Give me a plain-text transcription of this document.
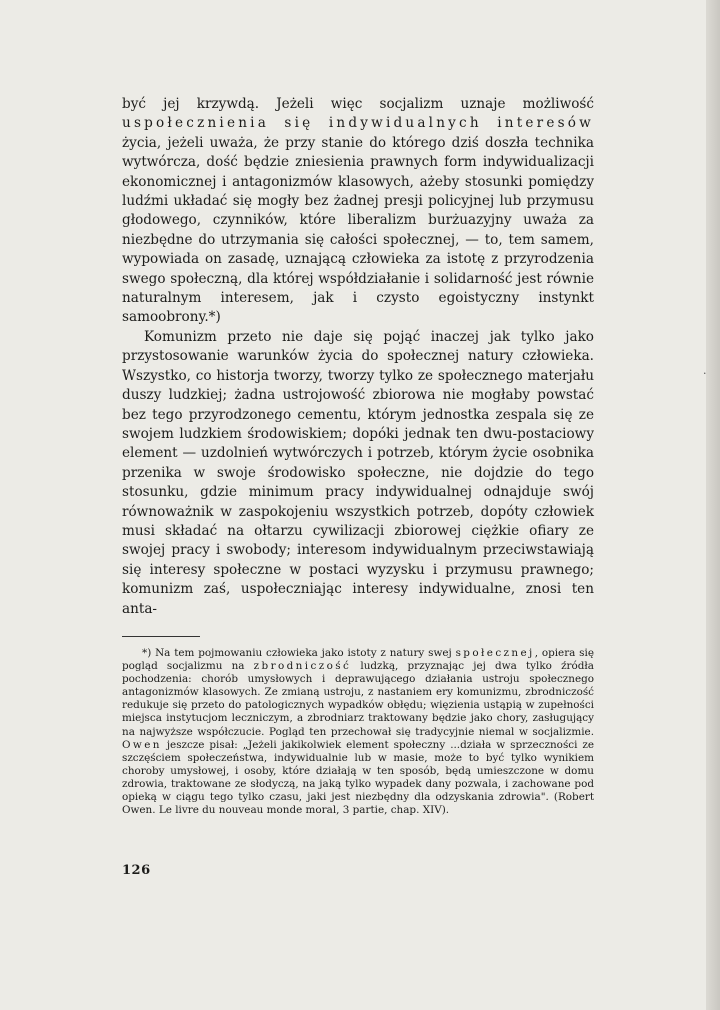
być jej krzywdą. Jeżeli więc socjalizm uznaje możliwość uspołecznienia się indywidualnych interesów życia, jeżeli uważa, że przy stanie do którego dziś doszła technika wytwórcza, dość będzie zniesienia prawnych form indywidualizacji ekonomicznej i antagonizmów klasowych, ażeby stosunki pomiędzy ludźmi układać się mogły bez żadnej presji policyjnej lub przymusu głodowego, czynników, które liberalizm burżuazyjny uważa za niezbędne do utrzymania się całości społecznej, — to, tem samem, wypowiada on zasadę, uznającą człowieka za istotę z przyrodzenia swego społeczną, dla której współdziałanie i solidarność jest równie naturalnym interesem, jak i czysto egoistyczny instynkt samoobrony.*)

Komunizm przeto nie daje się pojąć inaczej jak tylko jako przystosowanie warunków życia do społecznej natury człowieka. Wszystko, co historja tworzy, tworzy tylko ze społecznego materjału duszy ludzkiej; żadna ustrojowość zbiorowa nie mogłaby powstać bez tego przyrodzonego cementu, którym jednostka zespala się ze swojem ludzkiem środowiskiem; dopóki jednak ten dwu-postaciowy element — uzdolnień wytwórczych i potrzeb, którym życie osobnika przenika w swoje środowisko społeczne, nie dojdzie do tego stosunku, gdzie minimum pracy indywidualnej odnajduje swój równoważnik w zaspokojeniu wszystkich potrzeb, dopóty człowiek musi składać na ołtarzu cywilizacji zbiorowej ciężkie ofiary ze swojej pracy i swobody; interesom indywidualnym przeciwstawiają się interesy społeczne w postaci wyzysku i przymusu prawnego; komunizm zaś, uspołeczniając interesy indywidualne, znosi ten anta-

*) Na tem pojmowaniu człowieka jako istoty z natury swej społecznej, opiera się pogląd socjalizmu na zbrodniczość ludzką, przyznając jej dwa tylko źródła pochodzenia: chorób umysłowych i deprawującego działania ustroju społecznego antagonizmów klasowych. Ze zmianą ustroju, z nastaniem ery komunizmu, zbrodniczość redukuje się przeto do patologicznych wypadków obłędu; więzienia ustąpią w zupełności miejsca instytucjom leczniczym, a zbrodniarz traktowany będzie jako chory, zasługujący na najwyższe współczucie. Pogląd ten przechował się tradycyjnie niemal w socjalizmie. Owen jeszcze pisał: „Jeżeli jakikolwiek element społeczny ...działa w sprzeczności ze szczęściem społeczeństwa, indywidualnie lub w masie, może to być tylko wynikiem choroby umysłowej, i osoby, które działają w ten sposób, będą umieszczone w domu zdrowia, traktowane ze słodyczą, na jaką tylko wypadek dany pozwala, i zachowane pod opieką w ciągu tego tylko czasu, jaki jest niezbędny dla odzyskania zdrowia". (Robert Owen. Le livre du nouveau monde moral, 3 partie, chap. XIV).

126
·
